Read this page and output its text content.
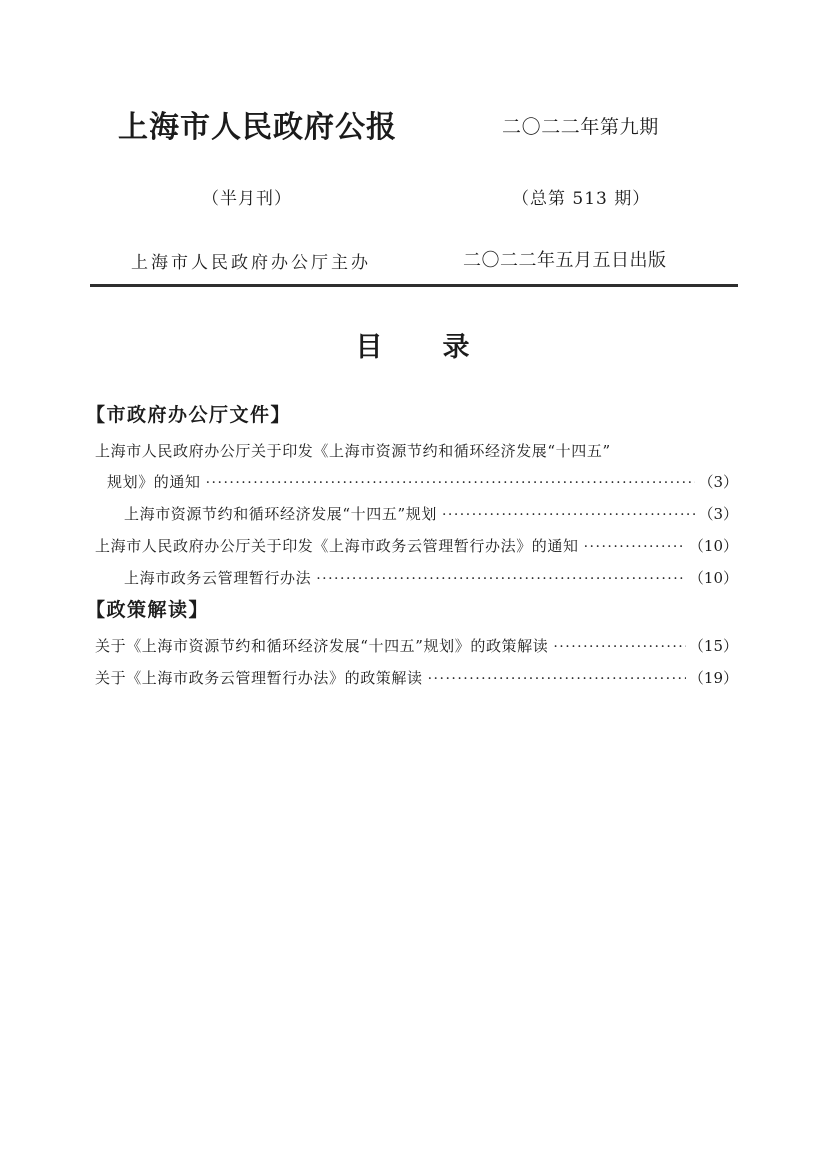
上海市人民政府公报	二〇二二年第九期
（半月刊）	（总第 513 期）
上海市人民政府办公厅主办	二〇二二年五月五日出版
目　　录
【市政府办公厅文件】
上海市人民政府办公厅关于印发《上海市资源节约和循环经济发展“十四五”
规划》的通知 ·····	（3）
上海市资源节约和循环经济发展“十四五”规划 ·····	（3）
上海市人民政府办公厅关于印发《上海市政务云管理暂行办法》的通知 ·····	（10）
上海市政务云管理暂行办法 ·····	（10）
【政策解读】
关于《上海市资源节约和循环经济发展“十四五”规划》的政策解读 ·····	（15）
关于《上海市政务云管理暂行办法》的政策解读 ·····	（19）
